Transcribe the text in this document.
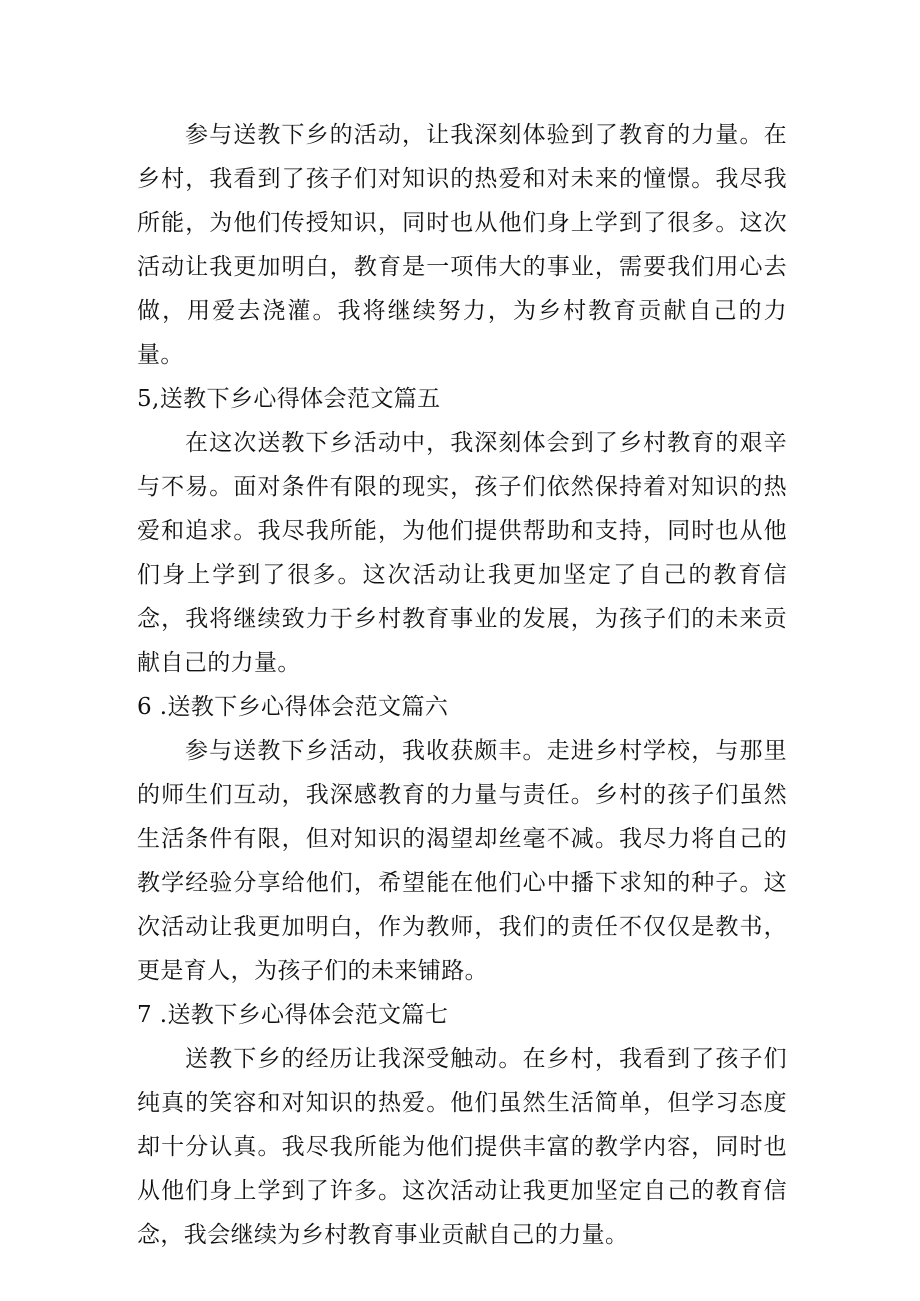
参与送教下乡的活动，让我深刻体验到了教育的力量。在乡村，我看到了孩子们对知识的热爱和对未来的憧憬。我尽我所能，为他们传授知识，同时也从他们身上学到了很多。这次活动让我更加明白，教育是一项伟大的事业，需要我们用心去做，用爱去浇灌。我将继续努力，为乡村教育贡献自己的力量。

5,送教下乡心得体会范文篇五

在这次送教下乡活动中，我深刻体会到了乡村教育的艰辛与不易。面对条件有限的现实，孩子们依然保持着对知识的热爱和追求。我尽我所能，为他们提供帮助和支持，同时也从他们身上学到了很多。这次活动让我更加坚定了自己的教育信念，我将继续致力于乡村教育事业的发展，为孩子们的未来贡献自己的力量。

6 .送教下乡心得体会范文篇六

参与送教下乡活动，我收获颇丰。走进乡村学校，与那里的师生们互动，我深感教育的力量与责任。乡村的孩子们虽然生活条件有限，但对知识的渴望却丝毫不减。我尽力将自己的教学经验分享给他们，希望能在他们心中播下求知的种子。这次活动让我更加明白，作为教师，我们的责任不仅仅是教书，更是育人，为孩子们的未来铺路。

7 .送教下乡心得体会范文篇七

送教下乡的经历让我深受触动。在乡村，我看到了孩子们纯真的笑容和对知识的热爱。他们虽然生活简单，但学习态度却十分认真。我尽我所能为他们提供丰富的教学内容，同时也从他们身上学到了许多。这次活动让我更加坚定自己的教育信念，我会继续为乡村教育事业贡献自己的力量。
